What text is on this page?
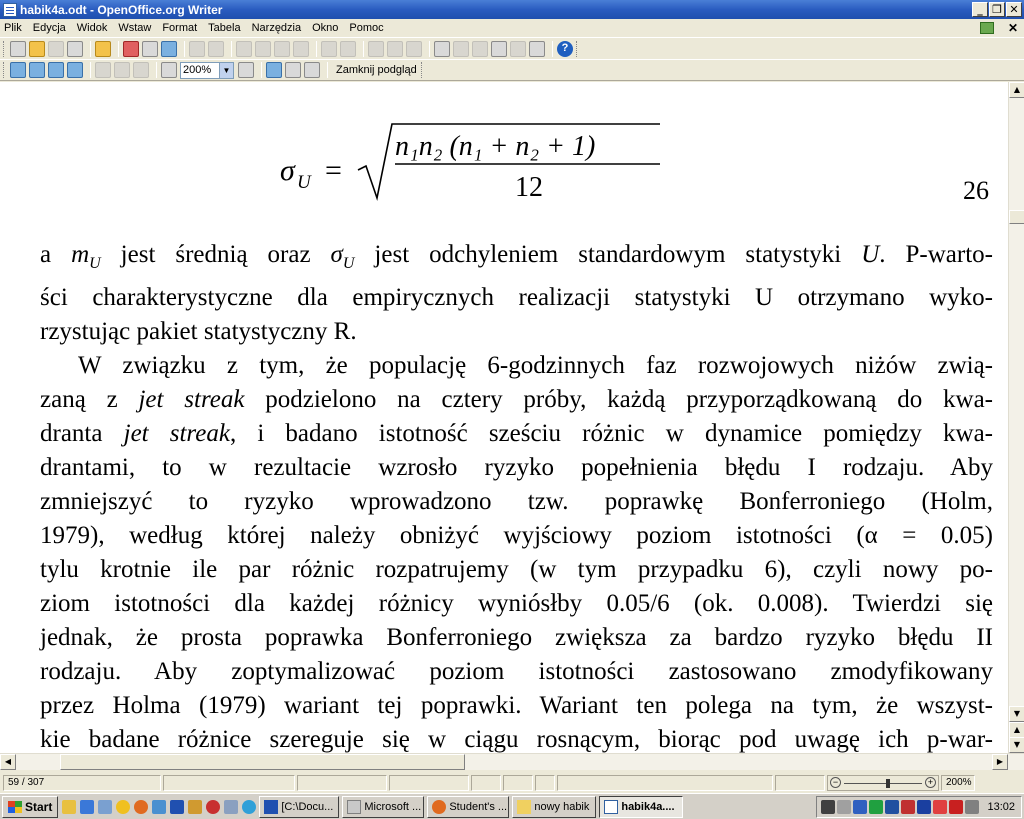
habik4a.odt - OpenOffice.org Writer	_ ❐ ✕
Plik Edycja Widok Wstaw Format Tabela Narzędzia Okno Pomoc	✕
?
200%	▼	Zamknij podgląd
σ U =
n₁n₂ (n₁ + n₂ + 1)
12	26
a $m_U$ jest średnią oraz $\sigma_U$ jest odchyleniem standardowym statystyki U. P-warto-
ści charakterystyczne dla empirycznych realizacji statystyki U otrzymano wyko-
rzystując pakiet statystyczny R.
W związku z tym, że populację 6-godzinnych faz rozwojowych niżów zwią-
zaną z jet streak podzielono na cztery próby, każdą przyporządkowaną do kwa-
dranta jet streak, i badano istotność sześciu różnic w dynamice pomiędzy kwa-
drantami, to w rezultacie wzrosło ryzyko popełnienia błędu I rodzaju. Aby
zmniejszyć to ryzyko wprowadzono tzw. poprawkę Bonferroniego (Holm,
1979), według której należy obniżyć wyjściowy poziom istotności (α = 0.05)
tylu krotnie ile par różnic rozpatrujemy (w tym przypadku 6), czyli nowy po-
ziom istotności dla każdej różnicy wyniósłby 0.05/6 (ok. 0.008). Twierdzi się
jednak, że prosta poprawka Bonferroniego zwiększa za bardzo ryzyko błędu II
rodzaju. Aby zoptymalizować poziom istotności zastosowano zmodyfikowany
przez Holma (1979) wariant tej poprawki. Wariant ten polega na tym, że wszyst-
kie badane różnice szereguje się w ciągu rosnącym, biorąc pod uwagę ich p-war-
▲
▼
▲
▼
◀	▶
59 / 307	−	+	200%
Start	[C:\Docu...	Microsoft ...	Student's ... nowy habik	habik4a....	13:02
